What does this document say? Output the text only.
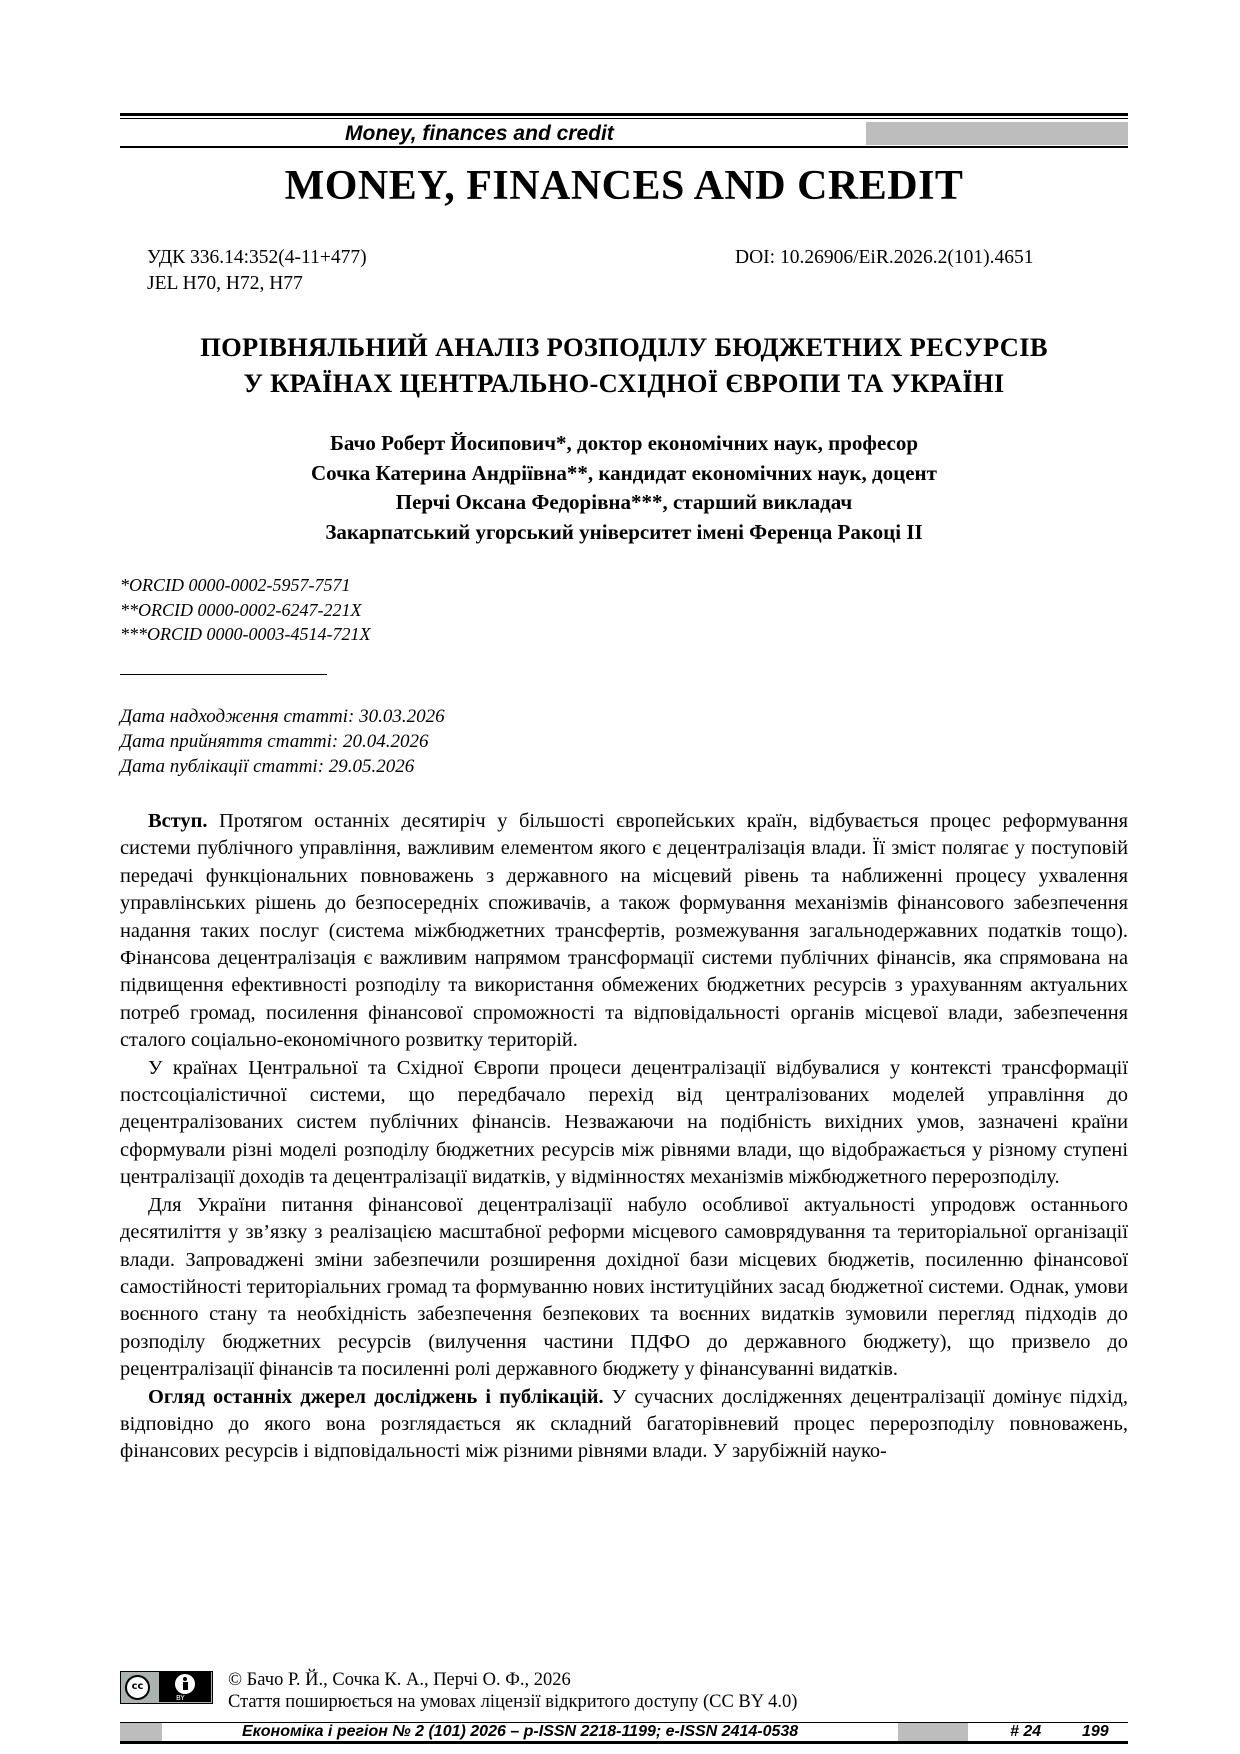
Money, finances and credit
MONEY, FINANCES AND CREDIT
УДК 336.14:352(4-11+477)
JEL H70, H72, H77
DOI: 10.26906/EiR.2026.2(101).4651
ПОРІВНЯЛЬНИЙ АНАЛІЗ РОЗПОДІЛУ БЮДЖЕТНИХ РЕСУРСІВ
У КРАЇНАХ ЦЕНТРАЛЬНО-СХІДНОЇ ЄВРОПИ ТА УКРАЇНІ
Бачо Роберт Йосипович*, доктор економічних наук, професор
Сочка Катерина Андріївна**, кандидат економічних наук, доцент
Перчі Оксана Федорівна***, старший викладач
Закарпатський угорський університет імені Ференца Ракоці ІІ
*ORCID 0000-0002-5957-7571
**ORCID 0000-0002-6247-221X
***ORCID 0000-0003-4514-721X
Дата надходження статті: 30.03.2026
Дата прийняття статті: 20.04.2026
Дата публікації статті: 29.05.2026

Вступ. Протягом останніх десятиріч у більшості європейських країн, відбувається процес реформування системи публічного управління, важливим елементом якого є децентралізація влади. Її зміст полягає у поступовій передачі функціональних повноважень з державного на місцевий рівень та наближенні процесу ухвалення управлінських рішень до безпосередніх споживачів, а також формування механізмів фінансового забезпечення надання таких послуг (система міжбюджетних трансфертів, розмежування загальнодержавних податків тощо). Фінансова децентралізація є важливим напрямом трансформації системи публічних фінансів, яка спрямована на підвищення ефективності розподілу та використання обмежених бюджетних ресурсів з урахуванням актуальних потреб громад, посилення фінансової спроможності та відповідальності органів місцевої влади, забезпечення сталого соціально-економічного розвитку територій.

У країнах Центральної та Східної Європи процеси децентралізації відбувалися у контексті трансформації постсоціалістичної системи, що передбачало перехід від централізованих моделей управління до децентралізованих систем публічних фінансів. Незважаючи на подібність вихідних умов, зазначені країни сформували різні моделі розподілу бюджетних ресурсів між рівнями влади, що відображається у різному ступені централізації доходів та децентралізації видатків, у відмінностях механізмів міжбюджетного перерозподілу.

Для України питання фінансової децентралізації набуло особливої актуальності упродовж останнього десятиліття у зв’язку з реалізацією масштабної реформи місцевого самоврядування та територіальної організації влади. Запроваджені зміни забезпечили розширення дохідної бази місцевих бюджетів, посиленню фінансової самостійності територіальних громад та формуванню нових інституційних засад бюджетної системи. Однак, умови воєнного стану та необхідність забезпечення безпекових та воєнних видатків зумовили перегляд підходів до розподілу бюджетних ресурсів (вилучення частини ПДФО до державного бюджету), що призвело до рецентралізації фінансів та посиленні ролі державного бюджету у фінансуванні видатків.

Огляд останніх джерел досліджень і публікацій. У сучасних дослідженнях децентралізації домінує підхід, відповідно до якого вона розглядається як складний багаторівневий процес перерозподілу повноважень, фінансових ресурсів і відповідальності між різними рівнями влади. У зарубіжній науко-

cc
BY
© Бачо Р. Й., Сочка К. А., Перчі О. Ф., 2026
Стаття поширюється на умовах ліцензії відкритого доступу (CC BY 4.0)
Економіка і регіон № 2 (101) 2026 – p-ISSN 2218-1199; e-ISSN 2414-0538	# 24	199
